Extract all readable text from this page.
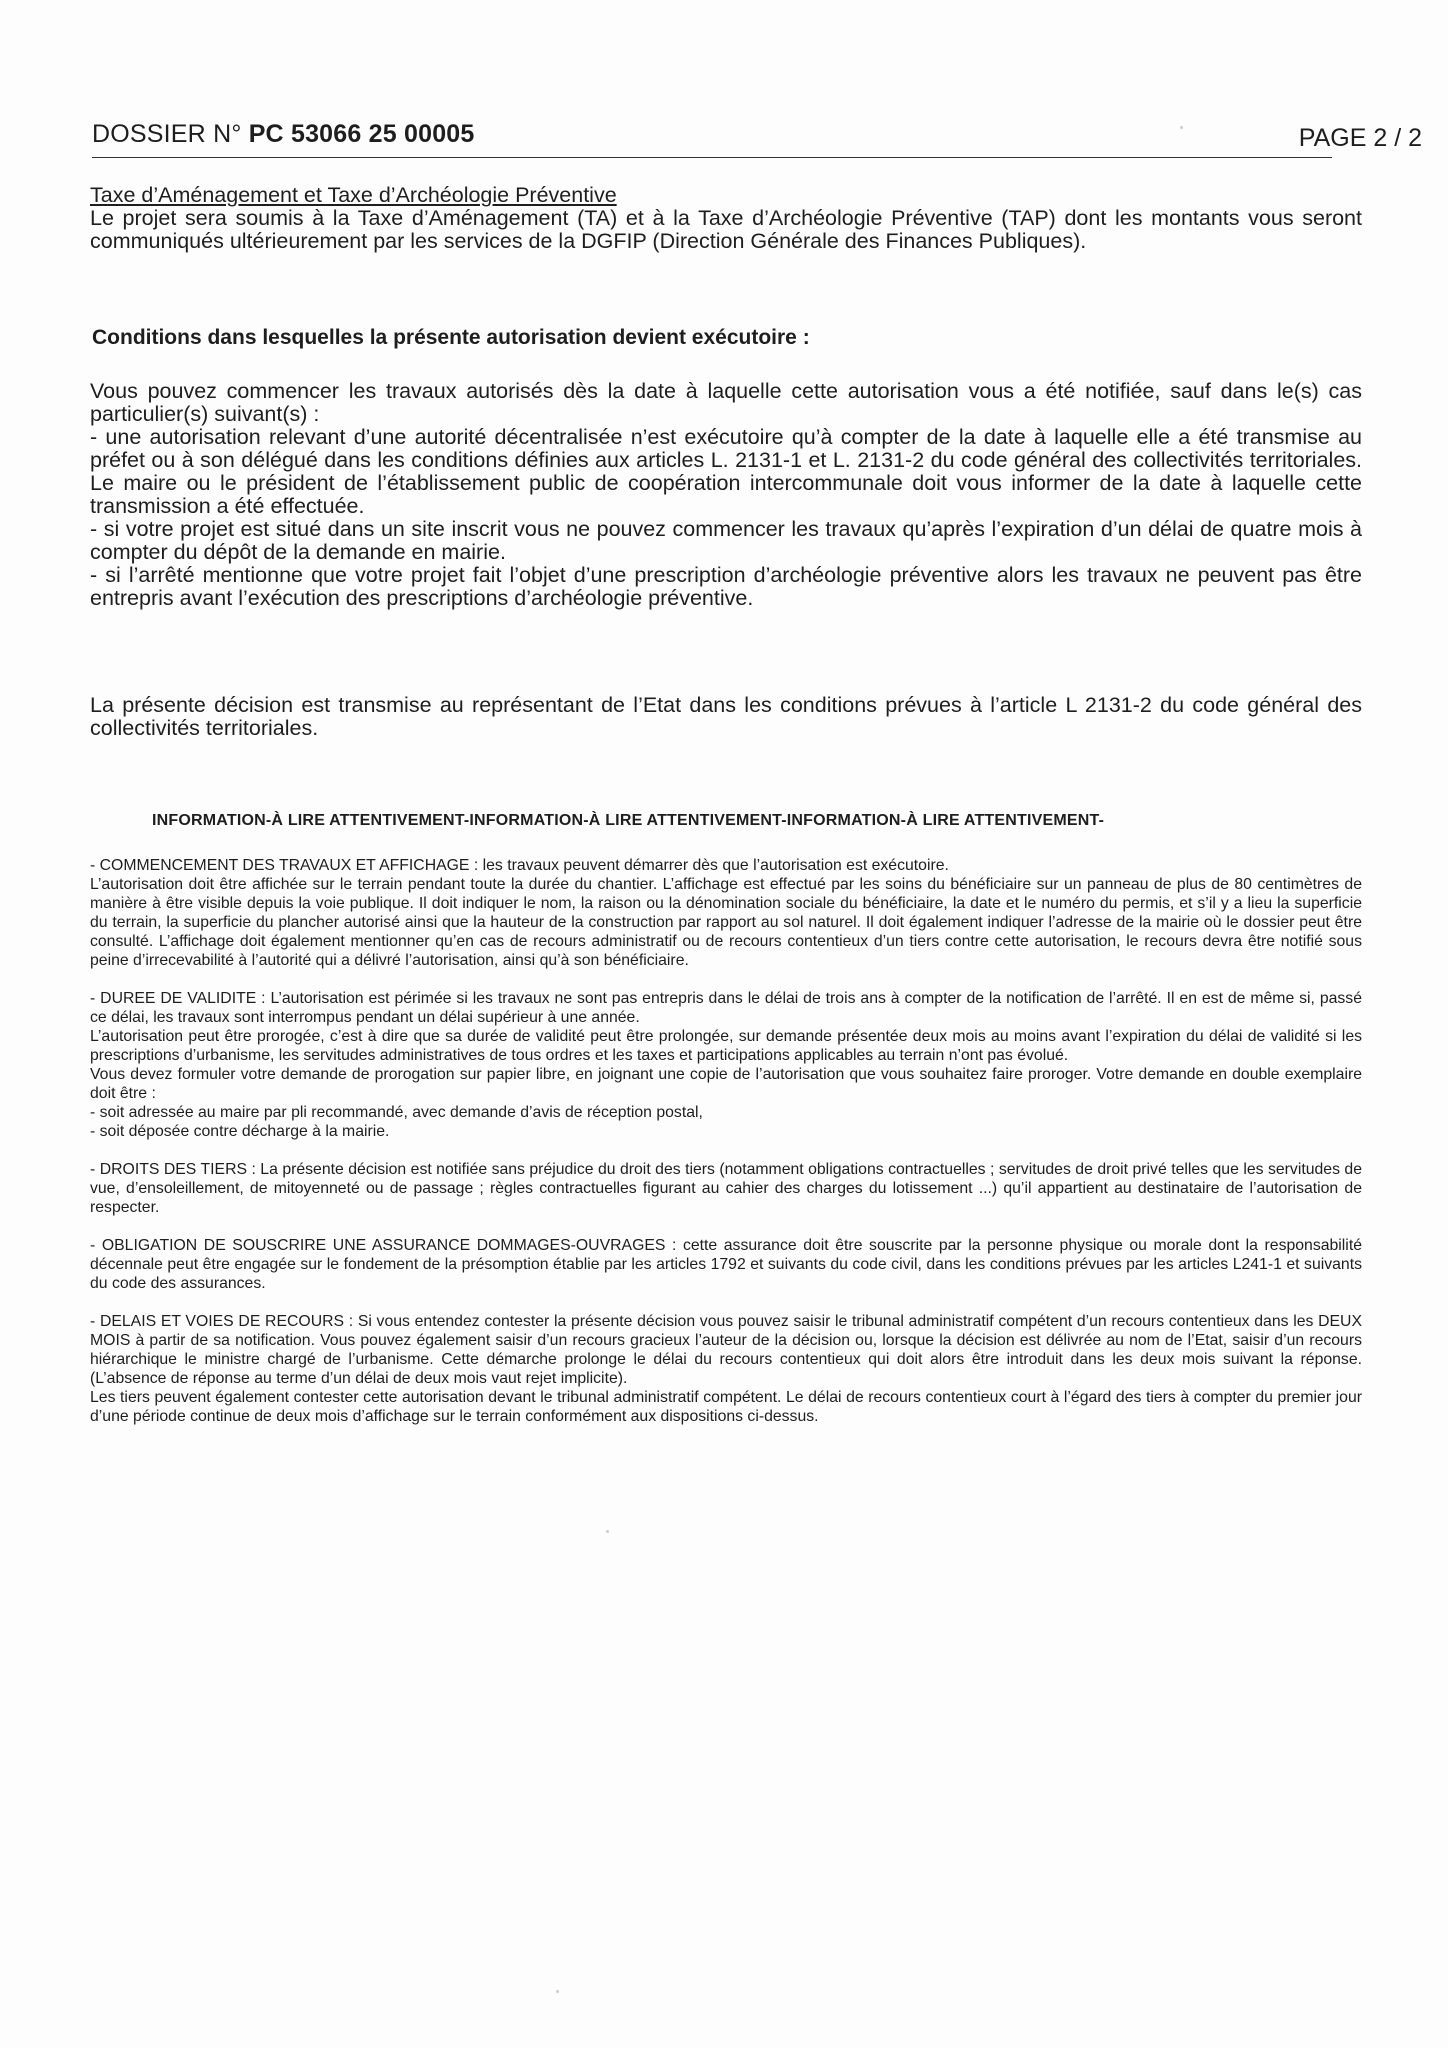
DOSSIER N° PC 53066 25 00005	PAGE 2 / 2
Taxe d’Aménagement et Taxe d’Archéologie Préventive
Le projet sera soumis à la Taxe d’Aménagement (TA) et à la Taxe d’Archéologie Préventive (TAP) dont les montants vous seront communiqués ultérieurement par les services de la DGFIP (Direction Générale des Finances Publiques).
Conditions dans lesquelles la présente autorisation devient exécutoire :
Vous pouvez commencer les travaux autorisés dès la date à laquelle cette autorisation vous a été notifiée, sauf dans le(s) cas particulier(s) suivant(s) :
- une autorisation relevant d’une autorité décentralisée n’est exécutoire qu’à compter de la date à laquelle elle a été transmise au préfet ou à son délégué dans les conditions définies aux articles L. 2131-1 et L. 2131-2 du code général des collectivités territoriales. Le maire ou le président de l’établissement public de coopération intercommunale doit vous informer de la date à laquelle cette transmission a été effectuée.
- si votre projet est situé dans un site inscrit vous ne pouvez commencer les travaux qu’après l’expiration d’un délai de quatre mois à compter du dépôt de la demande en mairie.
- si l’arrêté mentionne que votre projet fait l’objet d’une prescription d’archéologie préventive alors les travaux ne peuvent pas être entrepris avant l’exécution des prescriptions d’archéologie préventive.
La présente décision est transmise au représentant de l’Etat dans les conditions prévues à l’article L 2131-2 du code général des collectivités territoriales.
INFORMATION-À LIRE ATTENTIVEMENT-INFORMATION-À LIRE ATTENTIVEMENT-INFORMATION-À LIRE ATTENTIVEMENT-

- COMMENCEMENT DES TRAVAUX ET AFFICHAGE : les travaux peuvent démarrer dès que l’autorisation est exécutoire.

L’autorisation doit être affichée sur le terrain pendant toute la durée du chantier. L’affichage est effectué par les soins du bénéficiaire sur un panneau de plus de 80 centimètres de manière à être visible depuis la voie publique. Il doit indiquer le nom, la raison ou la dénomination sociale du bénéficiaire, la date et le numéro du permis, et s’il y a lieu la superficie du terrain, la superficie du plancher autorisé ainsi que la hauteur de la construction par rapport au sol naturel. Il doit également indiquer l’adresse de la mairie où le dossier peut être consulté. L’affichage doit également mentionner qu’en cas de recours administratif ou de recours contentieux d’un tiers contre cette autorisation, le recours devra être notifié sous peine d’irrecevabilité à l’autorité qui a délivré l’autorisation, ainsi qu’à son bénéficiaire.

- DUREE DE VALIDITE : L’autorisation est périmée si les travaux ne sont pas entrepris dans le délai de trois ans à compter de la notification de l’arrêté. Il en est de même si, passé ce délai, les travaux sont interrompus pendant un délai supérieur à une année.

L’autorisation peut être prorogée, c’est à dire que sa durée de validité peut être prolongée, sur demande présentée deux mois au moins avant l’expiration du délai de validité si les prescriptions d’urbanisme, les servitudes administratives de tous ordres et les taxes et participations applicables au terrain n’ont pas évolué.

Vous devez formuler votre demande de prorogation sur papier libre, en joignant une copie de l’autorisation que vous souhaitez faire proroger. Votre demande en double exemplaire doit être :

- soit adressée au maire par pli recommandé, avec demande d’avis de réception postal,

- soit déposée contre décharge à la mairie.

- DROITS DES TIERS : La présente décision est notifiée sans préjudice du droit des tiers (notamment obligations contractuelles ; servitudes de droit privé telles que les servitudes de vue, d’ensoleillement, de mitoyenneté ou de passage ; règles contractuelles figurant au cahier des charges du lotissement ...) qu’il appartient au destinataire de l’autorisation de respecter.

- OBLIGATION DE SOUSCRIRE UNE ASSURANCE DOMMAGES-OUVRAGES : cette assurance doit être souscrite par la personne physique ou morale dont la responsabilité décennale peut être engagée sur le fondement de la présomption établie par les articles 1792 et suivants du code civil, dans les conditions prévues par les articles L241-1 et suivants du code des assurances.

- DELAIS ET VOIES DE RECOURS : Si vous entendez contester la présente décision vous pouvez saisir le tribunal administratif compétent d’un recours contentieux dans les DEUX MOIS à partir de sa notification. Vous pouvez également saisir d’un recours gracieux l’auteur de la décision ou, lorsque la décision est délivrée au nom de l’Etat, saisir d’un recours hiérarchique le ministre chargé de l’urbanisme. Cette démarche prolonge le délai du recours contentieux qui doit alors être introduit dans les deux mois suivant la réponse. (L’absence de réponse au terme d’un délai de deux mois vaut rejet implicite).

Les tiers peuvent également contester cette autorisation devant le tribunal administratif compétent. Le délai de recours contentieux court à l’égard des tiers à compter du premier jour d’une période continue de deux mois d’affichage sur le terrain conformément aux dispositions ci-dessus.
